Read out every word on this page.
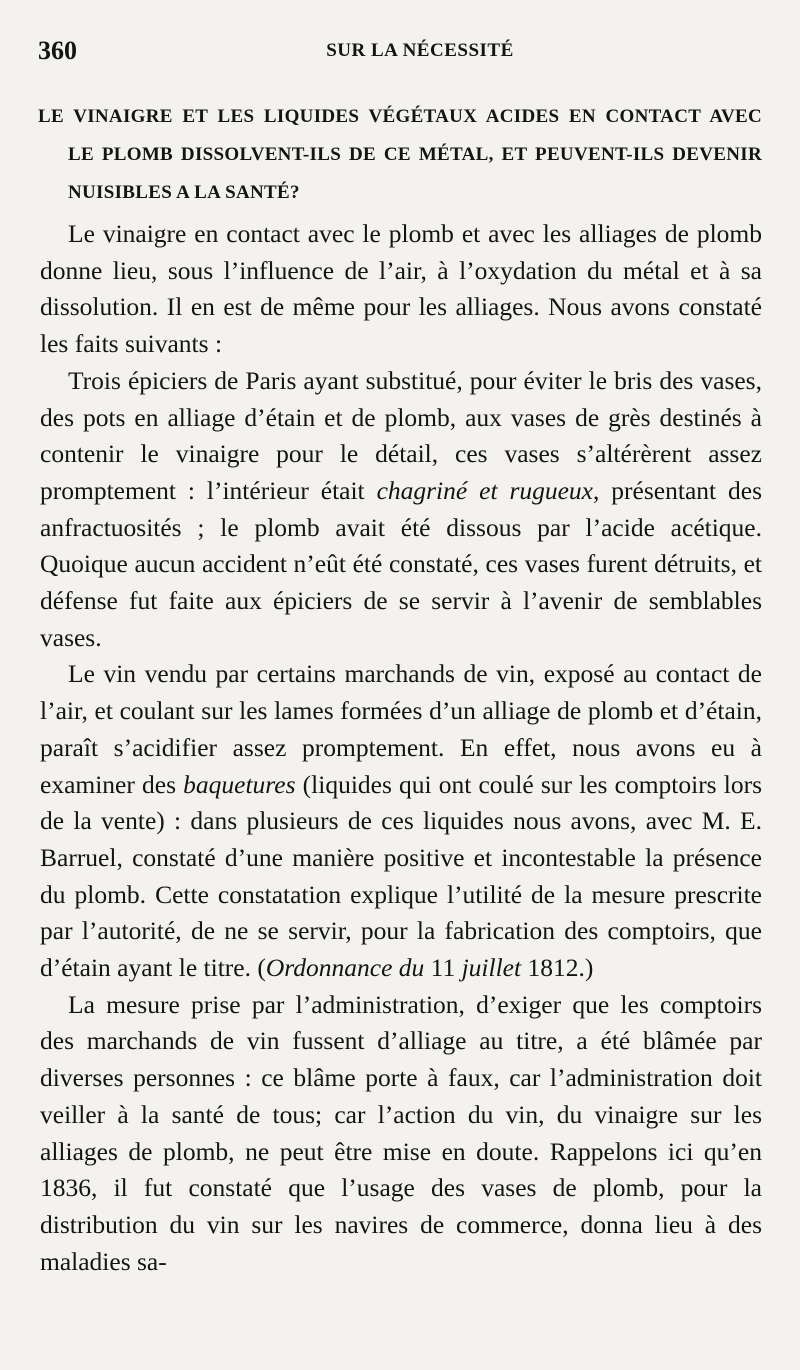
360	SUR LA NÉCESSITÉ
LE VINAIGRE ET LES LIQUIDES VÉGÉTAUX ACIDES EN CONTACT AVEC
LE PLOMB DISSOLVENT-ILS DE CE MÉTAL, ET PEUVENT-ILS DEVENIR
NUISIBLES A LA SANTÉ?

Le vinaigre en contact avec le plomb et avec les alliages de plomb donne lieu, sous l’influence de l’air, à l’oxydation du métal et à sa dissolution. Il en est de même pour les alliages. Nous avons constaté les faits suivants :

Trois épiciers de Paris ayant substitué, pour éviter le bris des vases, des pots en alliage d’étain et de plomb, aux vases de grès destinés à contenir le vinaigre pour le détail, ces vases s’altérèrent assez promptement : l’intérieur était chagriné et rugueux, présentant des anfractuosités ; le plomb avait été dissous par l’acide acétique. Quoique aucun accident n’eût été constaté, ces vases furent détruits, et défense fut faite aux épiciers de se servir à l’avenir de semblables vases.

Le vin vendu par certains marchands de vin, exposé au contact de l’air, et coulant sur les lames formées d’un alliage de plomb et d’étain, paraît s’acidifier assez promptement. En effet, nous avons eu à examiner des baquetures (liquides qui ont coulé sur les comptoirs lors de la vente) : dans plusieurs de ces liquides nous avons, avec M. E. Barruel, constaté d’une manière positive et incontestable la présence du plomb. Cette constatation explique l’utilité de la mesure prescrite par l’autorité, de ne se servir, pour la fabrication des comptoirs, que d’étain ayant le titre. (Ordonnance du 11 juillet 1812.)

La mesure prise par l’administration, d’exiger que les comptoirs des marchands de vin fussent d’alliage au titre, a été blâmée par diverses personnes : ce blâme porte à faux, car l’administration doit veiller à la santé de tous; car l’action du vin, du vinaigre sur les alliages de plomb, ne peut être mise en doute. Rappelons ici qu’en 1836, il fut constaté que l’usage des vases de plomb, pour la distribution du vin sur les navires de commerce, donna lieu à des maladies sa-
